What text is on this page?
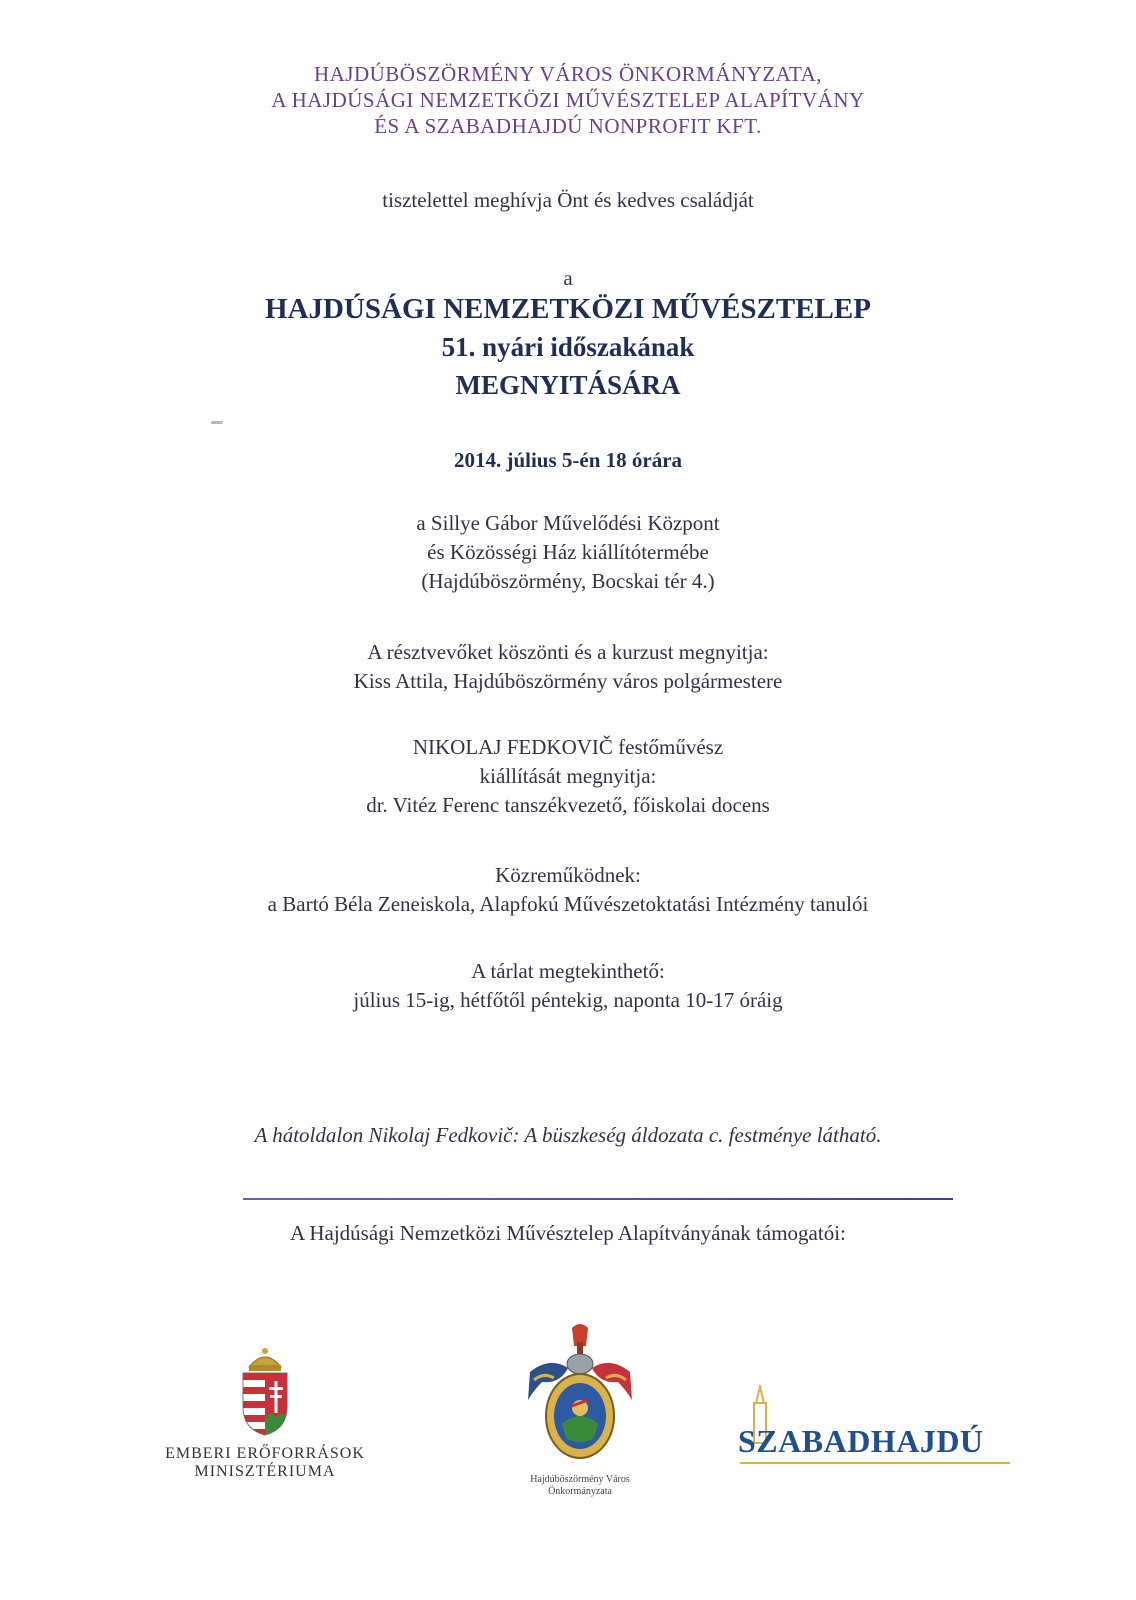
HAJDÚBÖSZÖRMÉNY VÁROS ÖNKORMÁNYZATA,
A HAJDÚSÁGI NEMZETKÖZI MŰVÉSZTELEP ALAPÍTVÁNY
ÉS A SZABADHAJDÚ NONPROFIT KFT.
tisztelettel meghívja Önt és kedves családját
a
HAJDÚSÁGI NEMZETKÖZI MŰVÉSZTELEP
51. nyári időszakának
MEGNYITÁSÁRA
2014. július 5-én 18 órára
a Sillye Gábor Művelődési Központ
és Közösségi Ház kiállítótermébe
(Hajdúböszörmény, Bocskai tér 4.)
A résztvevőket köszönti és a kurzust megnyitja:
Kiss Attila, Hajdúböszörmény város polgármestere
NIKOLAJ FEDKOVIČ festőművész
kiállítását megnyitja:
dr. Vitéz Ferenc tanszékvezető, főiskolai docens
Közreműködnek:
a Bartó Béla Zeneiskola, Alapfokú Művészetoktatási Intézmény tanulói
A tárlat megtekinthető:
július 15-ig, hétfőtől péntekig, naponta 10-17 óráig
A hátoldalon Nikolaj Fedkovič: A büszkeség áldozata c. festménye látható.
A Hajdúsági Nemzetközi Művésztelep Alapítványának támogatói:
EMBERI ERŐFORRÁSOK
MINISZTÉRIUMA	Hajdúböszörmény Város
Önkormányzata
SZABADHAJDÚ
